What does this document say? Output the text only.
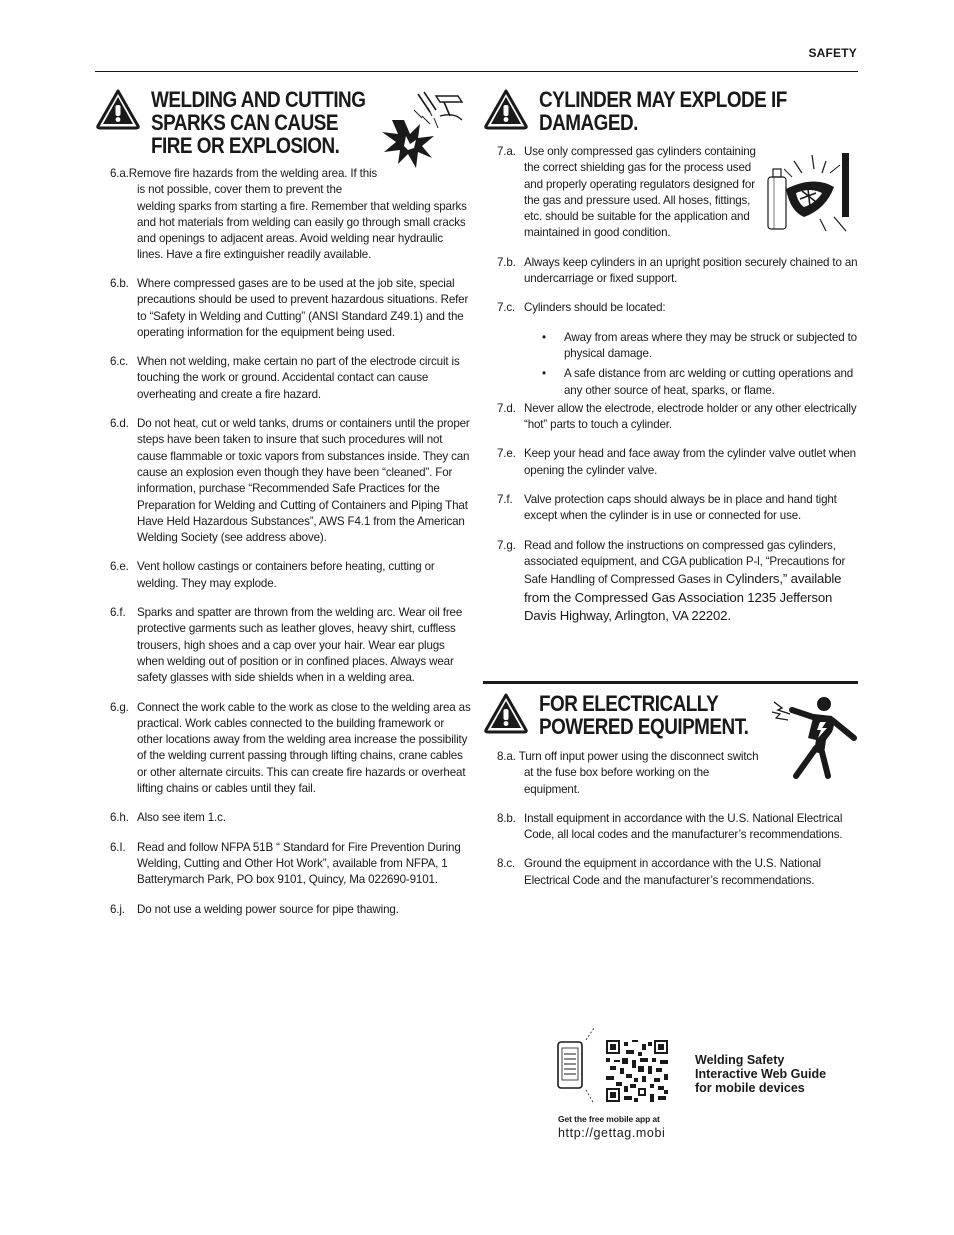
SAFETY
WELDING AND CUTTING
SPARKS CAN CAUSE
FIRE OR EXPLOSION.
CYLINDER MAY EXPLODE IF
DAMAGED.
FOR ELECTRICALLY
POWERED EQUIPMENT.
Welding Safety
Interactive Web Guide
for mobile devices
Get the free mobile app at
http://gettag.mobi
6.a.Remove fire hazards from the welding area. If this is not possible, cover them to prevent the welding sparks from starting a fire. Remember that welding sparks and hot materials from welding can easily go through small cracks and openings to adjacent areas. Avoid welding near hydraulic lines. Have a fire extinguisher readily available.
6.b. Where compressed gases are to be used at the job site, special precautions should be used to prevent hazardous situations. Refer to “Safety in Welding and Cutting” (ANSI Standard Z49.1) and the operating information for the equipment being used.
6.c. When not welding, make certain no part of the electrode circuit is touching the work or ground. Accidental contact can cause overheating and create a fire hazard.
6.d. Do not heat, cut or weld tanks, drums or containers until the proper steps have been taken to insure that such procedures will not cause flammable or toxic vapors from substances inside. They can cause an explosion even though they have been “cleaned”. For information, purchase “Recommended Safe Practices for the Preparation for Welding and Cutting of Containers and Piping That Have Held Hazardous Substances”, AWS F4.1 from the American Welding Society (see address above).
6.e. Vent hollow castings or containers before heating, cutting or welding. They may explode.
6.f. Sparks and spatter are thrown from the welding arc. Wear oil free protective garments such as leather gloves, heavy shirt, cuffless trousers, high shoes and a cap over your hair. Wear ear plugs when welding out of position or in confined places. Always wear safety glasses with side shields when in a welding area.
6.g. Connect the work cable to the work as close to the welding area as practical. Work cables connected to the building framework or other locations away from the welding area increase the possibility of the welding current passing through lifting chains, crane cables or other alternate circuits. This can create fire hazards or overheat lifting chains or cables until they fail.
6.h. Also see item 1.c.
6.I. Read and follow NFPA 51B “ Standard for Fire Prevention During Welding, Cutting and Other Hot Work”, available from NFPA, 1 Batterymarch Park, PO box 9101, Quincy, Ma 022690-9101.
6.j.	Do not use a welding power source for pipe thawing.
7.a. Use only compressed gas cylinders containing the correct shielding gas for the process used and properly operating regulators designed for the gas and pressure used. All hoses, fittings, etc. should be suitable for the application and maintained in good condition.
7.b. Always keep cylinders in an upright position securely chained to an undercarriage or fixed support.
7.c. Cylinders should be located:
•	Away from areas where they may be struck or subjected to physical damage.
•	A safe distance from arc welding or cutting operations and any other source of heat, sparks, or flame.
7.d. Never allow the electrode, electrode holder or any other electrically “hot” parts to touch a cylinder.
7.e. Keep your head and face away from the cylinder valve outlet when opening the cylinder valve.
7.f. Valve protection caps should always be in place and hand tight except when the cylinder is in use or connected for use.
7.g. Read and follow the instructions on compressed gas cylinders, associated equipment, and CGA publication P-l, “Precautions for Safe Handling of Compressed Gases in Cylinders,” available from the Compressed Gas Association 1235 Jefferson Davis Highway, Arlington, VA 22202.
8.a. Turn off input power using the disconnect switch at the fuse box before working on the equipment.
8.b. Install equipment in accordance with the U.S. National Electrical Code, all local codes and the manufacturer’s recommendations.
8.c. Ground the equipment in accordance with the U.S. National Electrical Code and the manufacturer’s recommendations.
